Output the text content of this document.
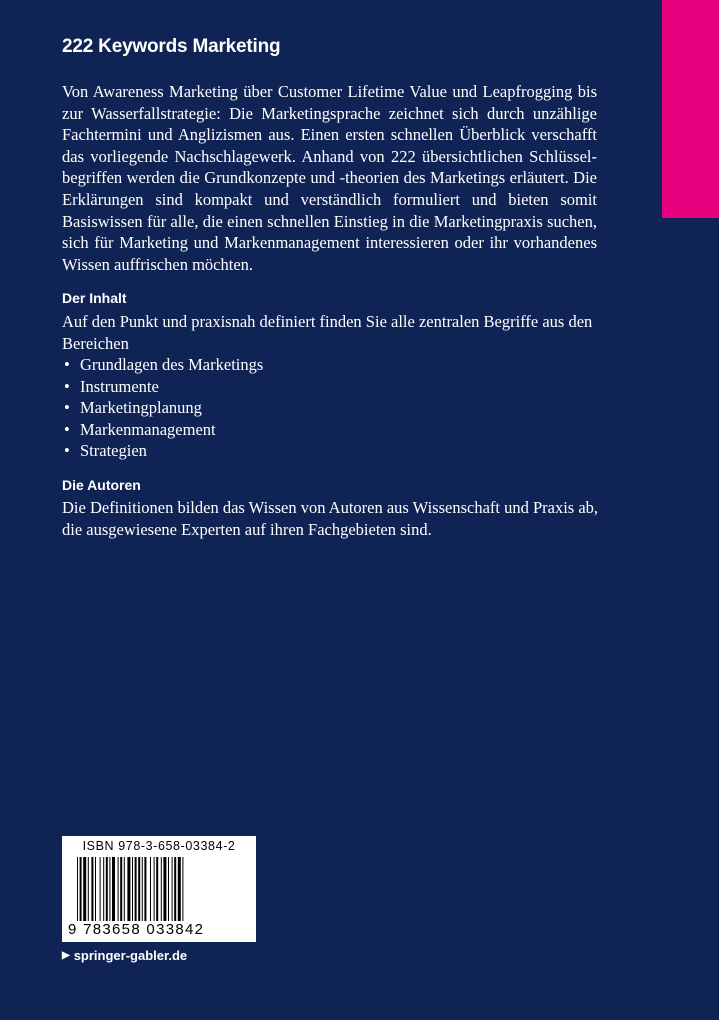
222 Keywords Marketing

Von Awareness Marketing über Customer Lifetime Value und Leapfrogging bis zur Wasserfallstrategie: Die Marketingsprache zeichnet sich durch unzählige Fachtermini und Anglizismen aus. Einen ersten schnellen Überblick verschafft das vorliegende Nachschlagewerk. Anhand von 222 übersichtlichen Schlüsselbegriffen werden die Grundkonzepte und -theorien des Marketings erläutert. Die Erklärungen sind kompakt und verständlich formuliert und bieten somit Basiswissen für alle, die einen schnellen Einstieg in die Marketingpraxis suchen, sich für Marketing und Markenmanagement interessieren oder ihr vorhandenes Wissen auffrischen möchten.

Der Inhalt

Auf den Punkt und praxisnah definiert finden Sie alle zentralen Begriffe aus den Bereichen

• Grundlagen des Marketings
• Instrumente
• Marketingplanung
• Markenmanagement
• Strategien
Die Autoren

Die Definitionen bilden das Wissen von Autoren aus Wissenschaft und Praxis ab, die ausgewiesene Experten auf ihren Fachgebieten sind.

ISBN 978-3-658-03384-2
9 783658 033842
▶ springer-gabler.de
